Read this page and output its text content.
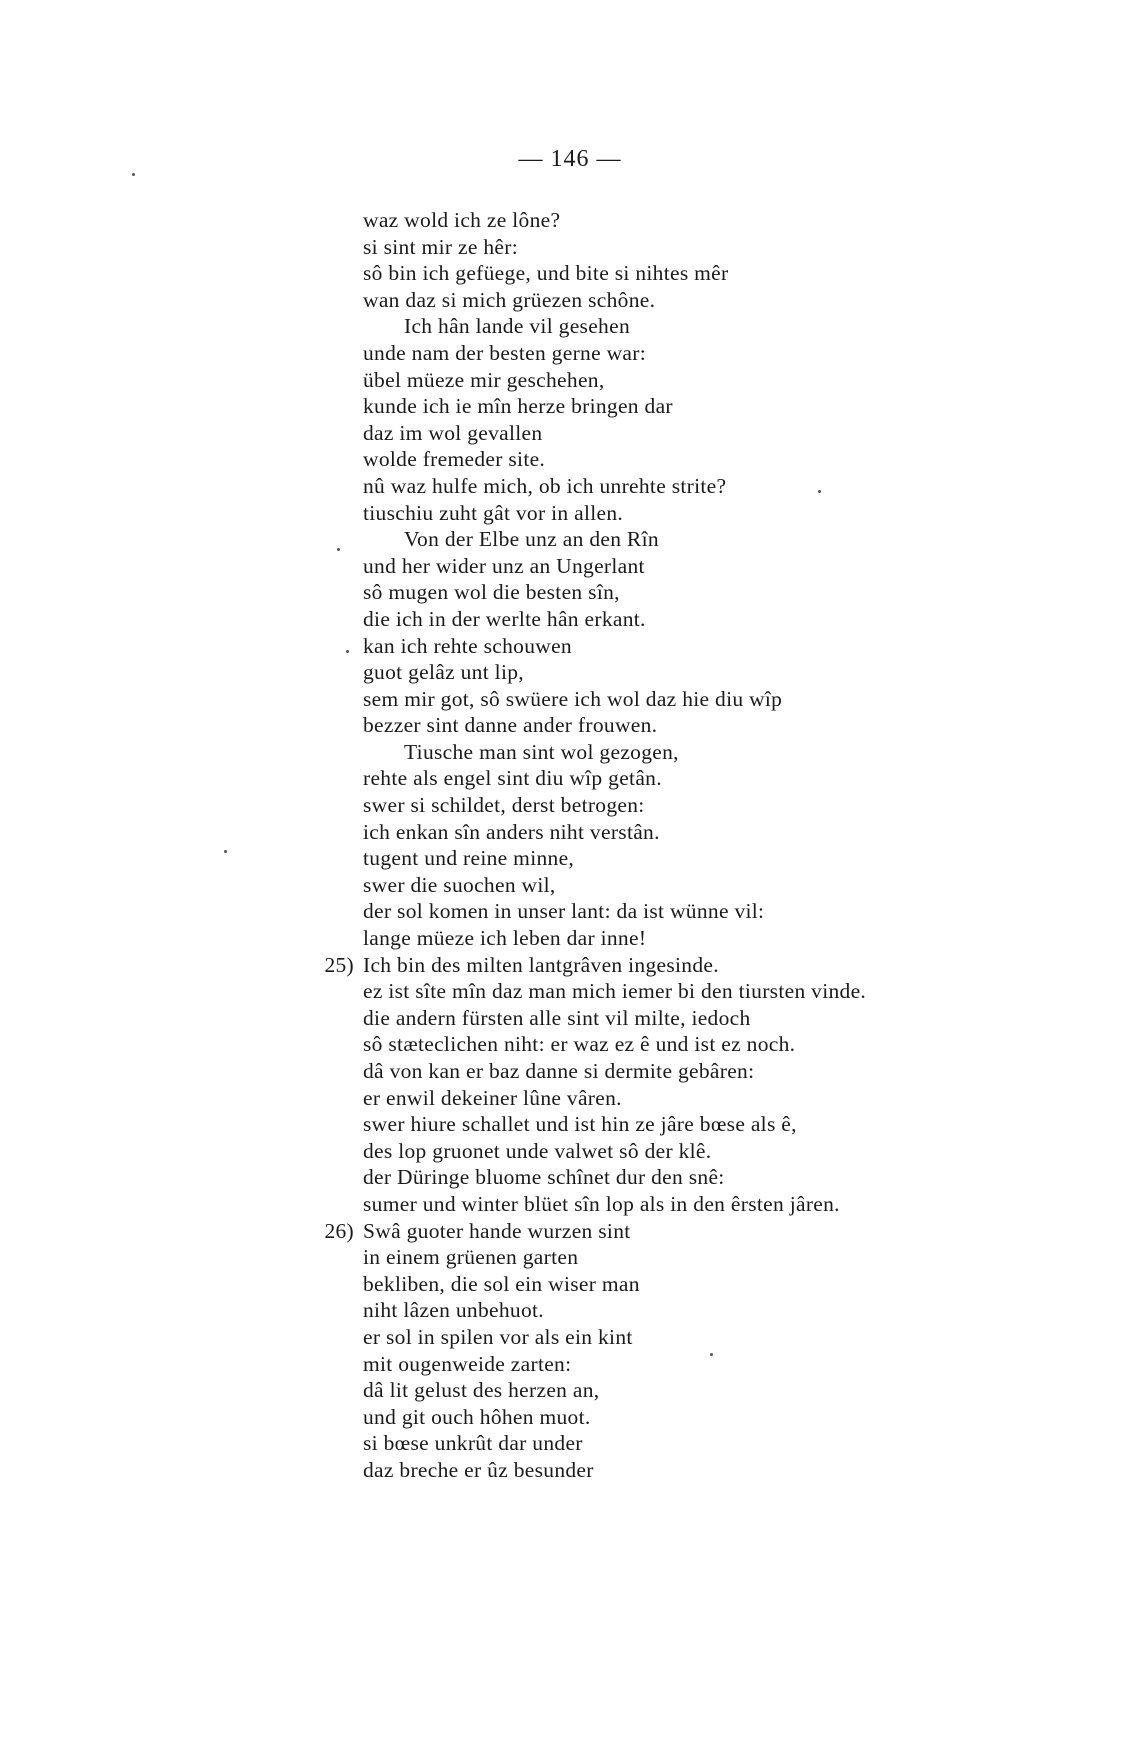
— 146 —
waz wold ich ze lône?
si sint mir ze hêr:
sô bin ich gefüege, und bite si nihtes mêr
wan daz si mich grüezen schône.
Ich hân lande vil gesehen
unde nam der besten gerne war:
übel müeze mir geschehen,
kunde ich ie mîn herze bringen dar
daz im wol gevallen
wolde fremeder site.
nû waz hulfe mich, ob ich unrehte strite?
tiuschiu zuht gât vor in allen.
Von der Elbe unz an den Rîn
und her wider unz an Ungerlant
sô mugen wol die besten sîn,
die ich in der werlte hân erkant.
kan ich rehte schouwen
guot gelâz unt lip,
sem mir got, sô swüere ich wol daz hie diu wîp
bezzer sint danne ander frouwen.
Tiusche man sint wol gezogen,
rehte als engel sint diu wîp getân.
swer si schildet, derst betrogen:
ich enkan sîn anders niht verstân.
tugent und reine minne,
swer die suochen wil,
der sol komen in unser lant: da ist wünne vil:
lange müeze ich leben dar inne!
25) Ich bin des milten lantgrâven ingesinde.
ez ist sîte mîn daz man mich iemer bi den tiursten vinde.
die andern fürsten alle sint vil milte, iedoch
sô stæteclichen niht: er waz ez ê und ist ez noch.
dâ von kan er baz danne si dermite gebâren:
er enwil dekeiner lûne vâren.
swer hiure schallet und ist hin ze jâre bœse als ê,
des lop gruonet unde valwet sô der klê.
der Düringe bluome schînet dur den snê:
sumer und winter blüet sîn lop als in den êrsten jâren.
26) Swâ guoter hande wurzen sint
in einem grüenen garten
bekliben, die sol ein wiser man
niht lâzen unbehuot.
er sol in spilen vor als ein kint
mit ougenweide zarten:
dâ lit gelust des herzen an,
und git ouch hôhen muot.
si bœse unkrût dar under
daz breche er ûz besunder
